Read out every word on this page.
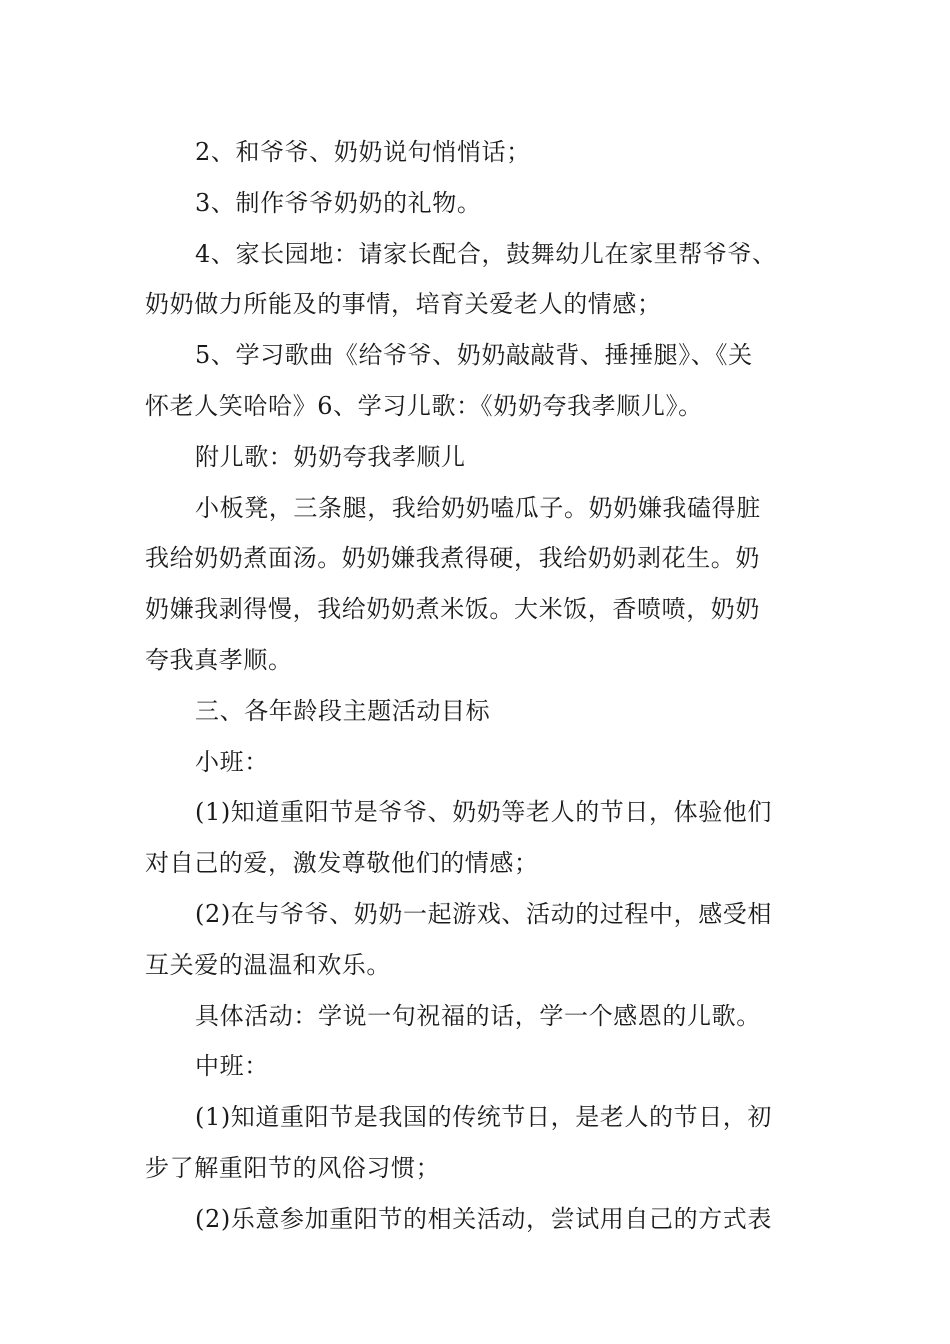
2、和爷爷、奶奶说句悄悄话；
3、制作爷爷奶奶的礼物。
4、家长园地：请家长配合，鼓舞幼儿在家里帮爷爷、
奶奶做力所能及的事情，培育关爱老人的情感；
5、学习歌曲《给爷爷、奶奶敲敲背、捶捶腿》、《关
怀老人笑哈哈》6、学习儿歌：《奶奶夸我孝顺儿》。
附儿歌：奶奶夸我孝顺儿
小板凳，三条腿，我给奶奶嗑瓜子。奶奶嫌我磕得脏
我给奶奶煮面汤。奶奶嫌我煮得硬，我给奶奶剥花生。奶
奶嫌我剥得慢，我给奶奶煮米饭。大米饭，香喷喷，奶奶
夸我真孝顺。
三、各年龄段主题活动目标
小班：
(1)知道重阳节是爷爷、奶奶等老人的节日，体验他们
对自己的爱，激发尊敬他们的情感；
(2)在与爷爷、奶奶一起游戏、活动的过程中，感受相
互关爱的温温和欢乐。
具体活动：学说一句祝福的话，学一个感恩的儿歌。
中班：
(1)知道重阳节是我国的传统节日，是老人的节日，初
步了解重阳节的风俗习惯；
(2)乐意参加重阳节的相关活动，尝试用自己的方式表
